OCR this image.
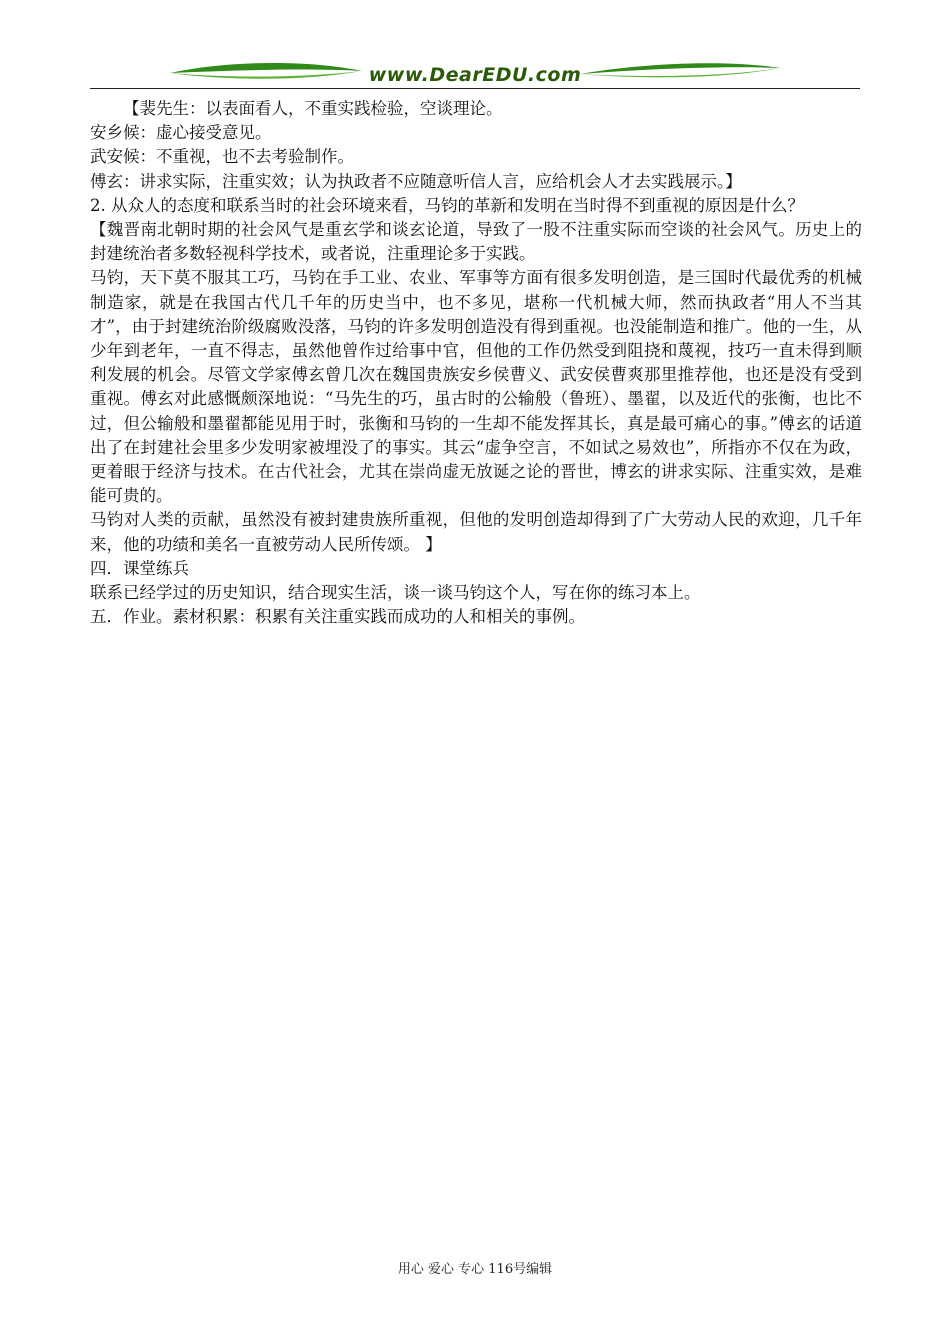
www.DearEDU.com

【裴先生：以表面看人，不重实践检验，空谈理论。

安乡候：虚心接受意见。

武安候：不重视，也不去考验制作。

傅玄：讲求实际，注重实效；认为执政者不应随意听信人言，应给机会人才去实践展示。】

2. 从众人的态度和联系当时的社会环境来看，马钧的革新和发明在当时得不到重视的原因是什么？

【魏晋南北朝时期的社会风气是重玄学和谈玄论道，导致了一股不注重实际而空谈的社会风气。历史上的封建统治者多数轻视科学技术，或者说，注重理论多于实践。

马钧，天下莫不服其工巧，马钧在手工业、农业、军事等方面有很多发明创造，是三国时代最优秀的机械制造家，就是在我国古代几千年的历史当中，也不多见，堪称一代机械大师，然而执政者“用人不当其才”，由于封建统治阶级腐败没落，马钧的许多发明创造没有得到重视。也没能制造和推广。他的一生，从少年到老年，一直不得志，虽然他曾作过给事中官，但他的工作仍然受到阻挠和蔑视，技巧一直未得到顺利发展的机会。尽管文学家傅玄曾几次在魏国贵族安乡侯曹义、武安侯曹爽那里推荐他，也还是没有受到重视。傅玄对此感慨颇深地说：“马先生的巧，虽古时的公输般（鲁班）、墨翟，以及近代的张衡，也比不过，但公输般和墨翟都能见用于时，张衡和马钧的一生却不能发挥其长，真是最可痛心的事。”傅玄的话道出了在封建社会里多少发明家被埋没了的事实。其云“虚争空言，不如试之易效也”，所指亦不仅在为政，更着眼于经济与技术。在古代社会，尤其在崇尚虚无放诞之论的晋世，博玄的讲求实际、注重实效，是难能可贵的。

马钧对人类的贡献，虽然没有被封建贵族所重视，但他的发明创造却得到了广大劳动人民的欢迎，几千年来，他的功绩和美名一直被劳动人民所传颂。 】

四．课堂练兵

联系已经学过的历史知识，结合现实生活，谈一谈马钧这个人，写在你的练习本上。

五．作业。素材积累：积累有关注重实践而成功的人和相关的事例。

用心 爱心 专心 116号编辑
